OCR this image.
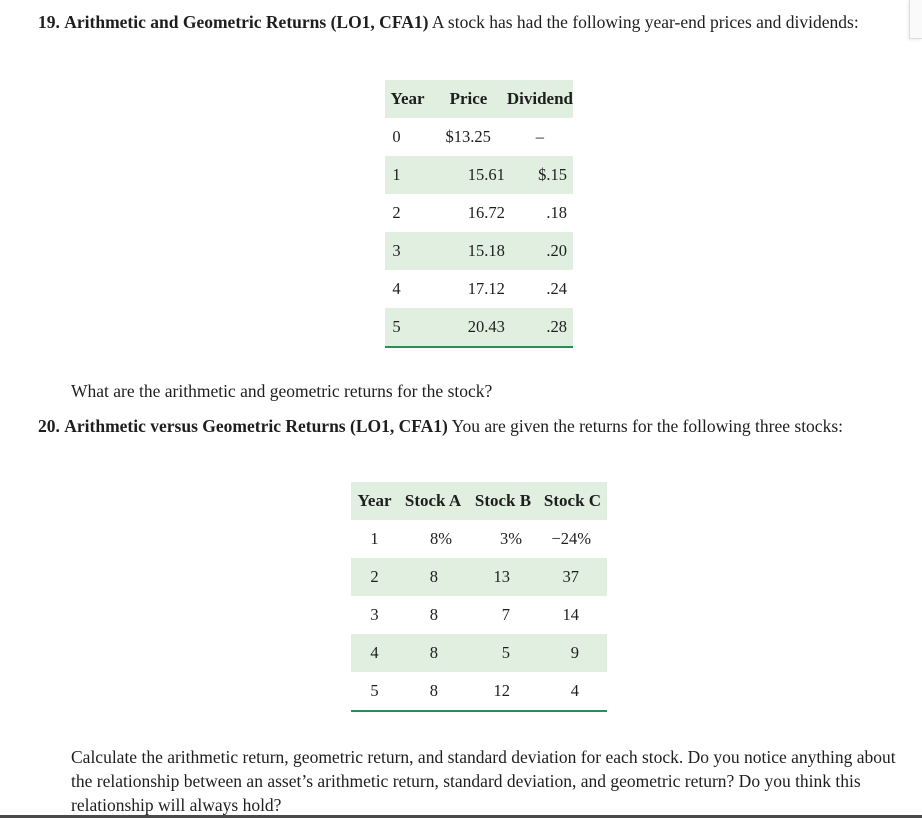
19. Arithmetic and Geometric Returns (LO1, CFA1) A stock has had the following year-end prices and dividends:
Year	Price	Dividend
0	$13.25	–
1	15.61	$.15
2	16.72	.18
3	15.18	.20
4	17.12	.24
5	20.43	.28
What are the arithmetic and geometric returns for the stock?
20. Arithmetic versus Geometric Returns (LO1, CFA1) You are given the returns for the following three stocks:
Year	Stock A	Stock B	Stock C
1	8%	3%	−24%
2	8	13	37
3	8	7	14
4	8	5	9
5	8	12	4
Calculate the arithmetic return, geometric return, and standard deviation for each stock. Do you notice anything about the relationship between an asset’s arithmetic return, standard deviation, and geometric return? Do you think this relationship will always hold?
